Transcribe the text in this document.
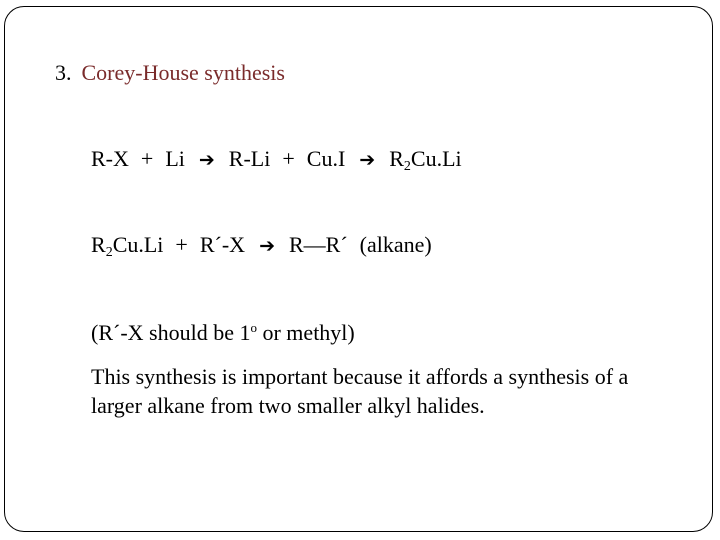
3. Corey-House synthesis
R-X + Li ➔ R-Li + Cu.I ➔ $R_2Cu.Li$
$R_2Cu.Li$ + R´-X ➔ R—R´ (alkane)
(R´-X should be 1$^o$ or methyl)
This synthesis is important because it affords a synthesis of a larger alkane from two smaller alkyl halides.
